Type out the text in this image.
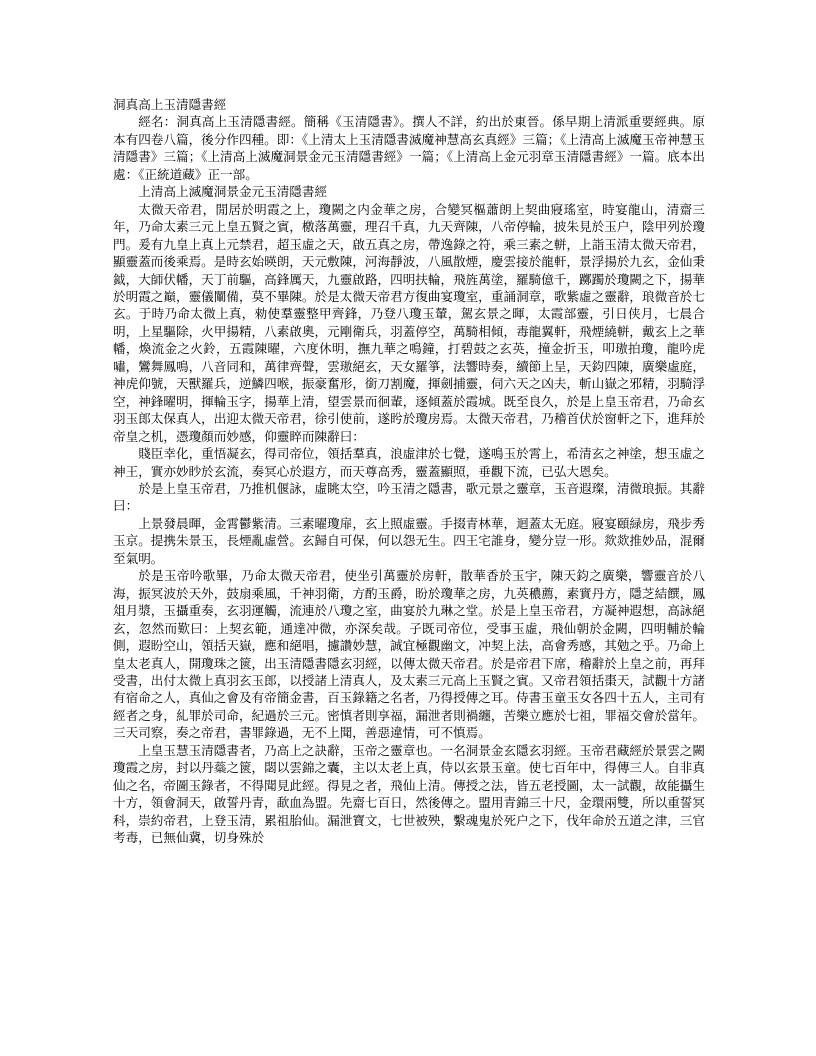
洞真高上玉清隱書經

經名：洞真高上玉清隱書經。簡稱《玉清隱書》。撰人不詳，約出於東晉。係早期上清派重要經典。原本有四卷八篇，後分作四種。即：《上清太上玉清隱書滅魔神慧高玄真經》三篇；《上清高上滅魔玉帝神慧玉清隱書》三篇；《上清高上滅魔洞景金元玉清隱書經》一篇；《上清高上金元羽章玉清隱書經》一篇。底本出處：《正統道藏》正一部。

上清高上滅魔洞景金元玉清隱書經

太微天帝君，閒居於明霞之上，瓊闕之内金華之房，合變冥樞蕭朗上契曲寢瑤室，時宴龍山，清齋三年，乃命太素三元上皇五賢之賓，檄落萬靈，理召千真，九天齊陳，八帝停輪，披朱見於玉户，陰甲列於瓊門。爰有九皇上真上元禁君，超玉虛之天，啟五真之房，帶逸錄之符，乘三素之軿，上詣玉清太微天帝君，顯靈蓋而後乘焉。是時玄始暎朗，天元敷陳，河海靜波，八風散煙，慶雲接於龍軒，景浮揚於九玄，金仙秉鉞，大師伏幡，天丁前驅，高鋒厲天，九靈啟路，四明扶輪，飛旌萬塗，羅騎億千，躑躅於瓊闕之下，揚華於明霞之巔，靈儀闡備，莫不畢陳。於是太微天帝君方復曲宴瓊室，重誦洞章，歌紫虛之靈辭，琅微音於七玄。于時乃命太微上真，勑使羣靈整甲齊鋒，乃登八瓊玉輦，駕玄景之暉，太霞部靈，引日侠月，七晨合明，上星驅除，火甲揚精，八素啟奧，元剛衛兵，羽蓋停空，萬騎相傾，毒龍翼軒，飛煙繞軿，戴玄上之華幡，煥流金之火鈴，五霞陳曜，六度休明，撫九華之鳴鐘，打碧鼓之玄英，撞金折玉，叩璈拍瓊，龍吟虎嘯，鸞舞鳳鳴，八音同和，萬律齊聲，雲璈絕玄，天女羅箏，法響時奏，續節上呈，天鈞四陳，廣樂虛庭，神虎仰號，天獸羅兵，逆鱗四喉，振豪奮形，銜刀割魔，揮劍捕靈，伺六天之凶夫，斬山嶽之邪精，羽騎浮空，神鋒曜明，揮輪玉字，揚華上清，望雲景而徊輩，逐傾蓋於霞城。既至良久，於是上皇玉帝君，乃命玄羽玉郎太保真人，出迎太微天帝君，徐引使前，遂盻於瓊房焉。太微天帝君，乃稽首伏於窗軒之下，進拜於帝皇之机，憑瓊顏而妙感，仰靈睟而陳辭曰：

賤臣幸化，重悟凝玄，得司帝位，領括羣真，浪虛津於七覺，遂鳴玉於霄上，希清玄之神塗，想玉虛之神王，實亦妙眇於玄流，奏冥心於遐方，而天尊高秀，靈蓋顯照，垂觀下流，已弘大恩矣。

於是上皇玉帝君，乃推机偃詠，虛眺太空，吟玉清之隱書，歌元景之靈章，玉音遐璨，清微琅振。其辭曰：

上景發晨暉，金霄鬱紫清。三素曜瓊扉，玄上照虛靈。手掇青林華，迴蓋太无庭。寢宴頤緑房，飛步秀玉京。提携朱景玉，長煙亂虛營。玄歸自可保，何以怨无生。四王宅誰身，變分豈一形。欻欻推妙品，混爾至氣明。

於是玉帝吟歌畢，乃命太微天帝君，使坐引萬靈於房軒，散華香於玉宇，陳天鈞之廣樂，響靈音於八海，振冥波於天外，鼓扇乘風，千神羽衛，方酌玉爵，盼於瓊華之房，九英穠薦，素實丹方，隱芝結饌，鳳俎月漿，玉攝重奏，玄羽運觸，流連於八瓊之室，曲宴於九琳之堂。於是上皇玉帝君，方凝神遐想，高詠絕玄，忽然而歎曰：上契玄範，通達冲微，亦深矣哉。子既司帝位，受事玉虛，飛仙朝於金闕，四明輔於輪側，遐盼空山，領括天嶽，應和絕唱，攄讚妙慧，誠宜極觀幽文，冲契上法，高會秀感，其勉之乎。乃命上皇太老真人，開瓊珠之篋，出玉清隱書隱玄羽經，以傳太微天帝君。於是帝君下席，稽辭於上皇之前，再拜受書，出付太微上真羽玄玉郎，以授諸上清真人，及太素三元高上玉賢之賓。又帝君領括棗天，試觀十方諸有宿命之人，真仙之會及有帝簡金書，百玉錄籍之名者，乃得授傳之耳。侍書玉童玉女各四十五人，主司有經者之身，糺罪於司命，紀過於三元。密慎者則享福，漏泄者則禍纏，苦樂立應於七祖，罪福交會於當年。三天司察，奏之帝君，書罪錄過，无不上聞，善惡違情，可不慎焉。

上皇玉慧玉清隱書者，乃高上之訣辭，玉帝之靈章也。一名洞景金玄隱玄羽經。玉帝君藏經於景雲之闕瓊霞之房，封以丹蘂之篋，閟以雲錦之囊，主以太老上真，侍以玄景玉童。使七百年中，得傳三人。自非真仙之名，帝圖玉錄者，不得聞見此經。得見之者，飛仙上清。傳授之法，皆五老授圖，太一試觀，故能攝生十方，領會洞天，啟誓丹青，歃血為盟。先齋七百日，然後傳之。盟用青錦三十尺，金環兩雙，所以重誓冥科，崇約帝君，上登玉清，累祖胎仙。漏泄寶文，七世被殃，繫魂鬼於死户之下，伐年命於五道之津，三官考毒，已無仙冀，切身殊於
